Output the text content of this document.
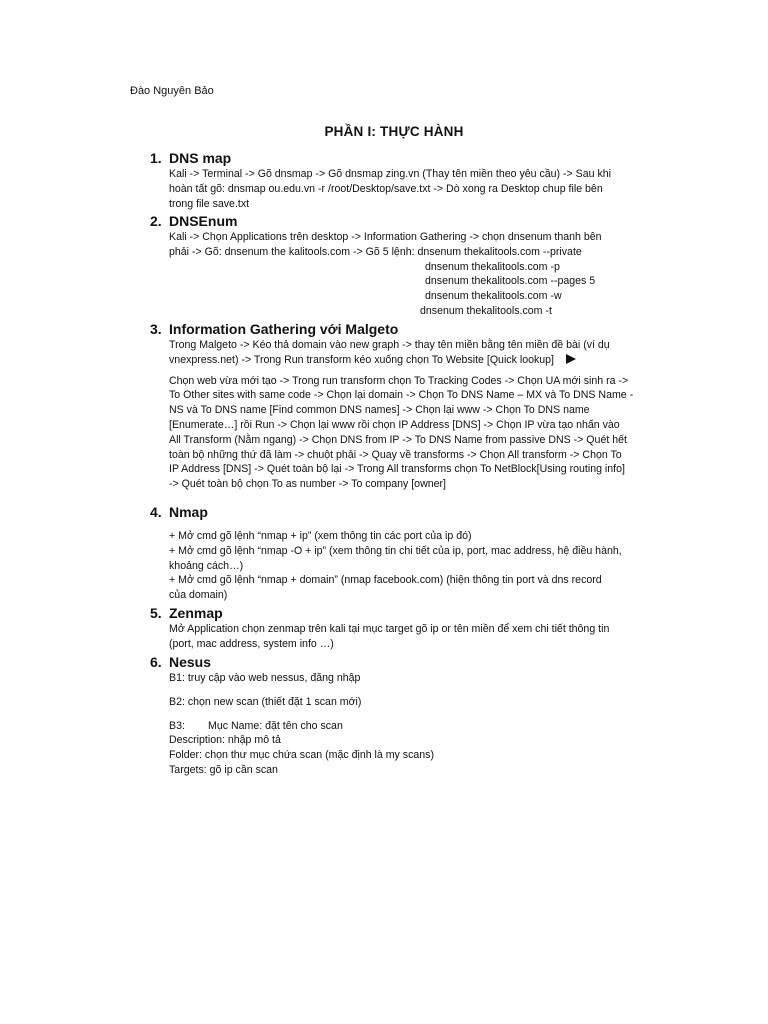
Đào Nguyên Bảo
PHẦN I: THỰC HÀNH
1. DNS map

Kali -> Terminal -> Gõ dnsmap -> Gõ dnsmap zing.vn (Thay tên miền theo yêu cầu) -> Sau khi

hoàn tất gõ: dnsmap ou.edu.vn -r /root/Desktop/save.txt -> Dò xong ra Desktop chup file bên

trong file save.txt

2. DNSEnum

Kali -> Chọn Applications trên desktop -> Information Gathering -> chọn dnsenum thanh bên

phải -> Gõ: dnsenum the kalitools.com -> Gõ 5 lệnh: dnsenum thekalitools.com --private

dnsenum thekalitools.com -p

dnsenum thekalitools.com --pages 5

dnsenum thekalitools.com -w

dnsenum thekalitools.com -t

3. Information Gathering với Malgeto

Trong Malgeto -> Kéo thả domain vào new graph -> thay tên miền bằng tên miền đề bài (ví dụ

vnexpress.net) -> Trong Run transform kéo xuống chọn To Website [Quick lookup]

Chọn web vừa mới tạo -> Trong run transform chọn To Tracking Codes -> Chọn UA mới sinh ra ->

To Other sites with same code -> Chọn lại domain -> Chọn To DNS Name – MX và To DNS Name -

NS và To DNS name [Find common DNS names] -> Chọn lại www -> Chọn To DNS name

[Enumerate…] rồi Run -> Chọn lại www rồi chọn IP Address [DNS] -> Chọn IP vừa tạo nhấn vào

All Transform (Nằm ngang) -> Chọn DNS from IP -> To DNS Name from passive DNS -> Quét hết

toàn bộ những thứ đã làm -> chuột phải -> Quay về transforms -> Chọn All transform -> Chọn To

IP Address [DNS] -> Quét toàn bộ lại -> Trong All transforms chọn To NetBlock[Using routing info]

-> Quét toàn bộ chọn To as number -> To company [owner]

4. Nmap

+ Mở cmd gõ lệnh “nmap + ip” (xem thông tin các port của ip đó)

+ Mở cmd gõ lệnh “nmap -O + ip” (xem thông tin chi tiết của ip, port, mac address, hệ điều hành,

khoảng cách…)

+ Mở cmd gõ lệnh “nmap + domain” (nmap facebook.com) (hiện thông tin port và dns record

của domain)

5. Zenmap

Mở Application chọn zenmap trên kali tại mục target gõ ip or tên miền để xem chi tiết thông tin

(port, mac address, system info …)

6. Nesus

B1: truy cập vào web nessus, đăng nhập

B2: chọn new scan (thiết đặt 1 scan mới)

B3:	Mục Name: đặt tên cho scan

Description: nhập mô tả

Folder: chọn thư mục chứa scan (mặc định là my scans)

Targets: gõ ip cần scan
